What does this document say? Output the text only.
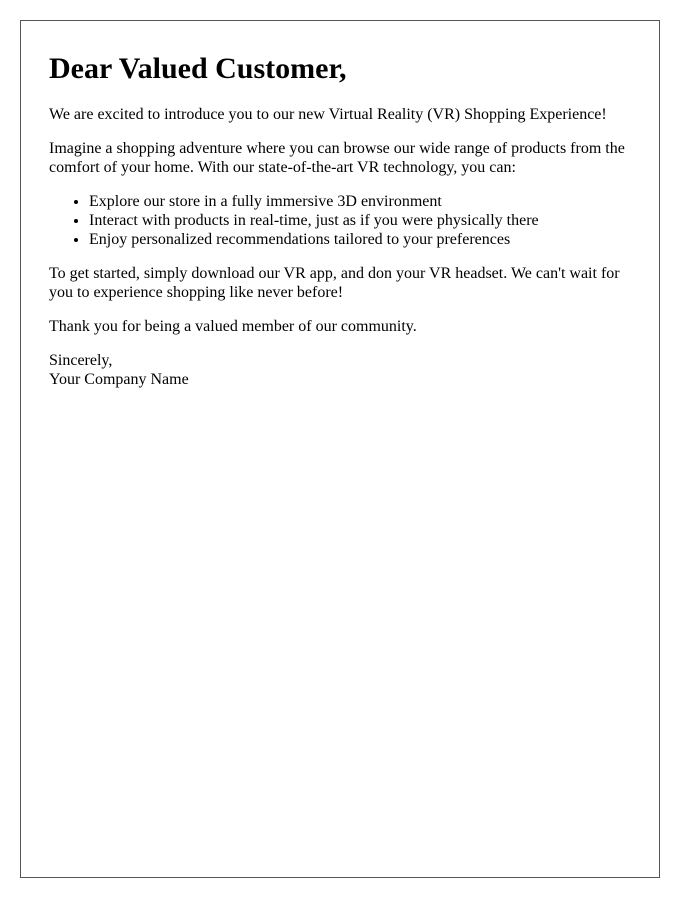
Dear Valued Customer,

We are excited to introduce you to our new Virtual Reality (VR) Shopping Experience!

Imagine a shopping adventure where you can browse our wide range of products from the comfort of your home. With our state-of-the-art VR technology, you can:

• Explore our store in a fully immersive 3D environment
• Interact with products in real-time, just as if you were physically there
• Enjoy personalized recommendations tailored to your preferences

To get started, simply download our VR app, and don your VR headset. We can't wait for you to experience shopping like never before!

Thank you for being a valued member of our community.

Sincerely,
Your Company Name
